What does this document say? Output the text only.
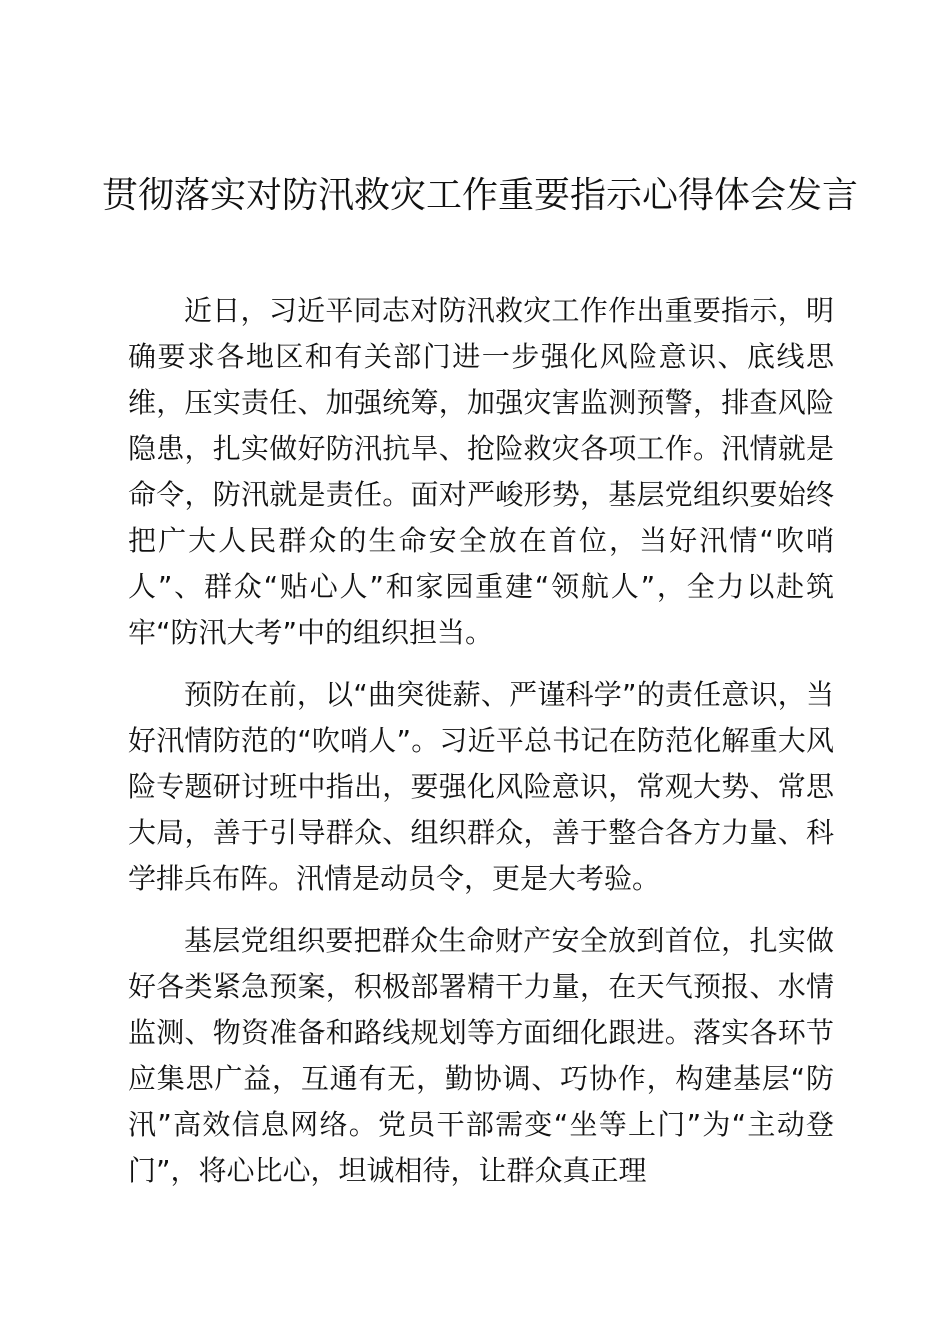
贯彻落实对防汛救灾工作重要指示心得体会发言

近日，习近平同志对防汛救灾工作作出重要指示，明确要求各地区和有关部门进一步强化风险意识、底线思维，压实责任、加强统筹，加强灾害监测预警，排查风险隐患，扎实做好防汛抗旱、抢险救灾各项工作。汛情就是命令，防汛就是责任。面对严峻形势，基层党组织要始终把广大人民群众的生命安全放在首位，当好汛情“吹哨人”、群众“贴心人”和家园重建“领航人”，全力以赴筑牢“防汛大考”中的组织担当。

预防在前，以“曲突徙薪、严谨科学”的责任意识，当好汛情防范的“吹哨人”。习近平总书记在防范化解重大风险专题研讨班中指出，要强化风险意识，常观大势、常思大局，善于引导群众、组织群众，善于整合各方力量、科学排兵布阵。汛情是动员令，更是大考验。

基层党组织要把群众生命财产安全放到首位，扎实做好各类紧急预案，积极部署精干力量，在天气预报、水情监测、物资准备和路线规划等方面细化跟进。落实各环节应集思广益，互通有无，勤协调、巧协作，构建基层“防汛”高效信息网络。党员干部需变“坐等上门”为“主动登门”，将心比心，坦诚相待，让群众真正理
